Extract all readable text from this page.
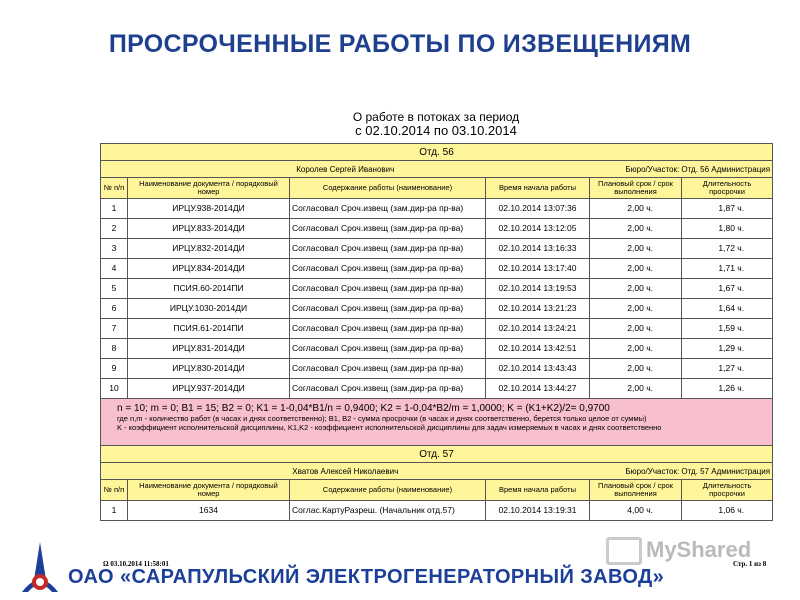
ПРОСРОЧЕННЫЕ РАБОТЫ ПО ИЗВЕЩЕНИЯМ
О работе в потоках за период
с 02.10.2014 по 03.10.2014
Отд. 56					
Королев Сергей Иванович				Бюро/Участок: Отд. 56 Администрация	
№ п/п	Наименование документа / порядковый номер	Содержание работы (наименование)	Время начала работы	Плановый срок / срок выполнения	Длительность просрочки
1	ИРЦУ.938-2014ДИ	Согласовал Сроч.извещ (зам.дир-ра пр-ва)	02.10.2014 13:07:36	2,00 ч.	1,87 ч.
2	ИРЦУ.833-2014ДИ	Согласовал Сроч.извещ (зам.дир-ра пр-ва)	02.10.2014 13:12:05	2,00 ч.	1,80 ч.
3	ИРЦУ.832-2014ДИ	Согласовал Сроч.извещ (зам.дир-ра пр-ва)	02.10.2014 13:16:33	2,00 ч.	1,72 ч.
4	ИРЦУ.834-2014ДИ	Согласовал Сроч.извещ (зам.дир-ра пр-ва)	02.10.2014 13:17:40	2,00 ч.	1,71 ч.
5	ПСИЯ.60-2014ПИ	Согласовал Сроч.извещ (зам.дир-ра пр-ва)	02.10.2014 13:19:53	2,00 ч.	1,67 ч.
6	ИРЦУ.1030-2014ДИ	Согласовал Сроч.извещ (зам.дир-ра пр-ва)	02.10.2014 13:21:23	2,00 ч.	1,64 ч.
7	ПСИЯ.61-2014ПИ	Согласовал Сроч.извещ (зам.дир-ра пр-ва)	02.10.2014 13:24:21	2,00 ч.	1,59 ч.
8	ИРЦУ.831-2014ДИ	Согласовал Сроч.извещ (зам.дир-ра пр-ва)	02.10.2014 13:42:51	2,00 ч.	1,29 ч.
9	ИРЦУ.830-2014ДИ	Согласовал Сроч.извещ (зам.дир-ра пр-ва)	02.10.2014 13:43:43	2,00 ч.	1,27 ч.
10	ИРЦУ.937-2014ДИ	Согласовал Сроч.извещ (зам.дир-ра пр-ва)	02.10.2014 13:44:27	2,00 ч.	1,26 ч.

n = 10; m = 0; B1 = 15; B2 = 0; K1 = 1-0,04*B1/n = 0,9400; K2 = 1-0,04*B2/m = 1,0000; K = (K1+K2)/2= 0,9700
где n,m - количество работ (в часах и днях соответственно); B1, B2 - сумма просрочки (в часах и днях соответственно, берется только целое от суммы)
K - коэффициент исполнительской дисциплины, K1,K2 - коэффициент исполнительской дисциплины для задач измеряемых в часах и днях соответственно					

Отд. 57					
Хватов Алексей Николаевич				Бюро/Участок: Отд. 57 Администрация	
№ п/п	Наименование документа / порядковый номер	Содержание работы (наименование)	Время начала работы	Плановый срок / срок выполнения	Длительность просрочки
1	1634	Соглас.КартуРазреш. (Начальник отд.57)	02.10.2014 13:19:31	4,00 ч.	1,06 ч.
Ω 03.10.2014 11:58:01	Стр. 1 из 8
ОАО «САРАПУЛЬСКИЙ ЭЛЕКТРОГЕНЕРАТОРНЫЙ ЗАВОД»
MyShared
